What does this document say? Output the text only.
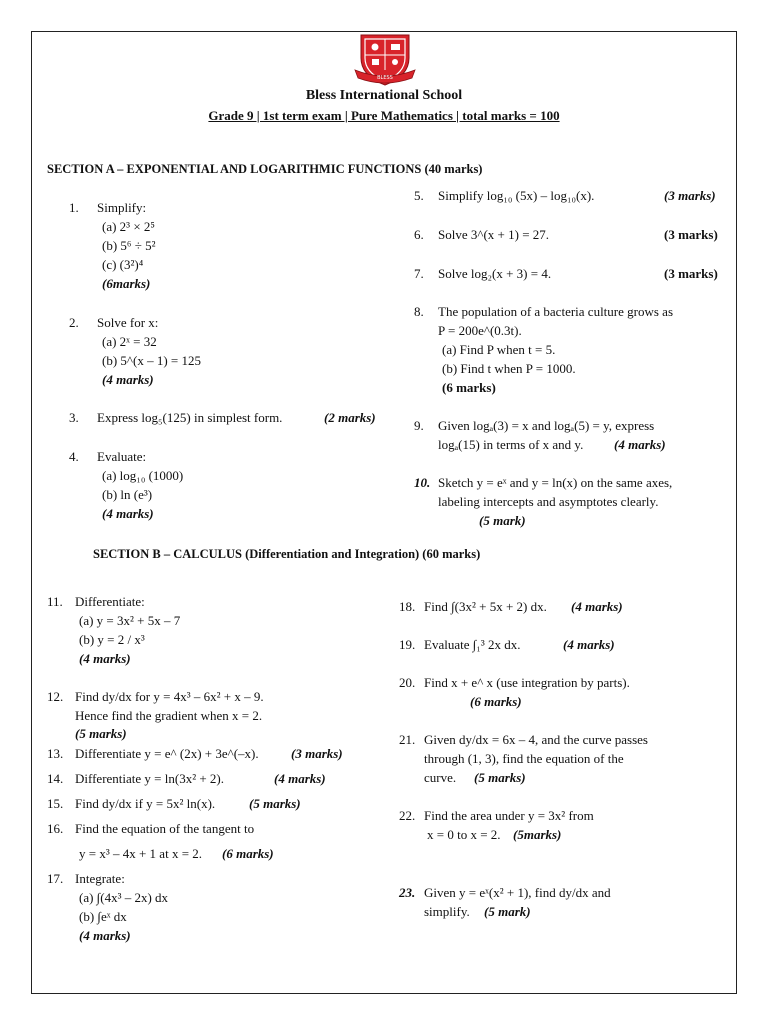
BLESS
Bless International School
Grade 9 | 1st term exam | Pure Mathematics | total marks = 100
SECTION A – EXPONENTIAL AND LOGARITHMIC FUNCTIONS (40 marks)
1. Simplify:
(a) 2³ × 2⁵
(b) 5⁶ ÷ 5²
(c) (3²)⁴
(6marks)
2. Solve for x:
(a) 2ˣ = 32
(b) 5^(x – 1) = 125
(4 marks)
3. Express log₅(125) in simplest form.	(2 marks)
4. Evaluate:
(a) log₁₀ (1000)
(b) ln (e³)
(4 marks)
5. Simplify log₁₀ (5x) – log₁₀(x).	(3 marks)
6. Solve 3^(x + 1) = 27.	(3 marks)
7. Solve log₂(x + 3) = 4.	(3 marks)
8. The population of a bacteria culture grows as
P = 200e^(0.3t).
(a) Find P when t = 5.
(b) Find t when P = 1000.
(6 marks)
9. Given logₐ(3) = x and logₐ(5) = y, express
logₐ(15) in terms of x and y. (4 marks)
10. Sketch y = eˣ and y = ln(x) on the same axes,
labeling intercepts and asymptotes clearly.
(5 mark)
SECTION B – CALCULUS (Differentiation and Integration) (60 marks)
11. Differentiate:
(a) y = 3x² + 5x – 7
(b) y = 2 / x³
(4 marks)
12. Find dy/dx for y = 4x³ – 6x² + x – 9.
Hence find the gradient when x = 2.
(5 marks)
13. Differentiate y = e^ (2x) + 3e^(–x). (3 marks)
14. Differentiate y = ln(3x² + 2).	(4 marks)
15. Find dy/dx if y = 5x² ln(x).	(5 marks)
16. Find the equation of the tangent to
y = x³ – 4x + 1 at x = 2. (6 marks)
17. Integrate:
(a) ∫(4x³ – 2x) dx
(b) ∫eˣ dx
(4 marks)
18. Find ∫(3x² + 5x + 2) dx. (4 marks)
19. Evaluate ∫₁³ 2x dx.	(4 marks)
20. Find x + e^ x (use integration by parts).
(6 marks)
21. Given dy/dx = 6x – 4, and the curve passes
through (1, 3), find the equation of the
curve. (5 marks)
22. Find the area under y = 3x² from
x = 0 to x = 2. (5marks)
23. Given y = eˣ(x² + 1), find dy/dx and
simplify. (5 mark)
